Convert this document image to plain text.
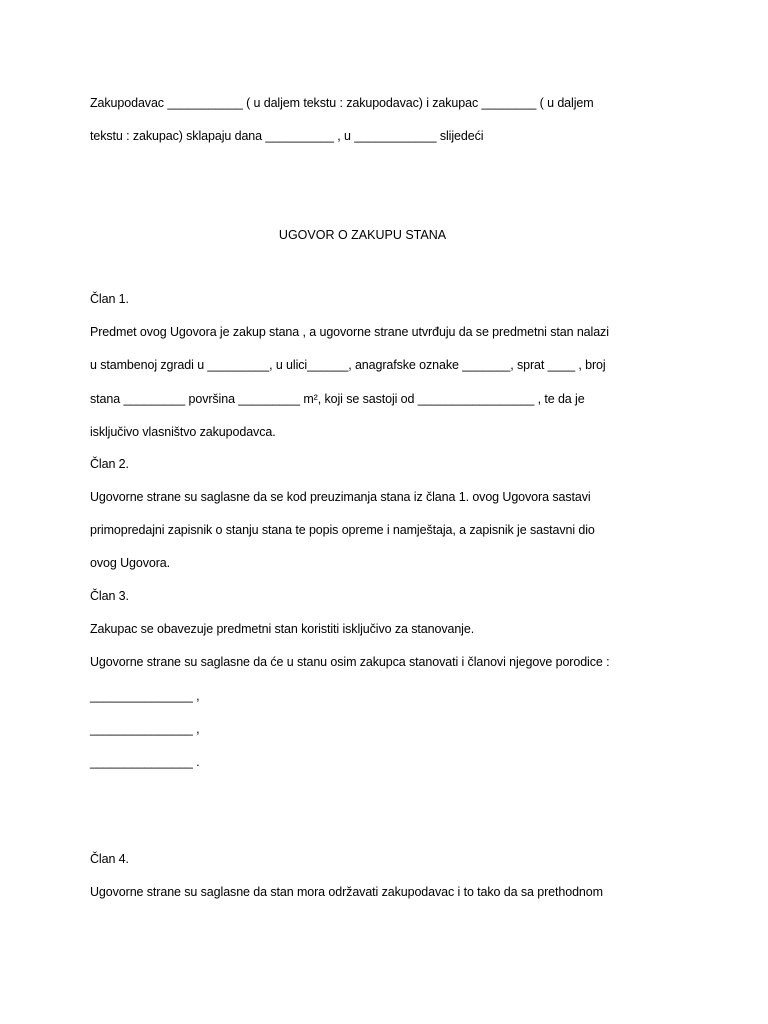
Zakupodavac ___________ ( u daljem tekstu : zakupodavac) i zakupac ________ ( u daljem
tekstu : zakupac) sklapaju dana __________ , u ____________ slijedeći
UGOVOR O ZAKUPU STANA
Član 1.
Predmet ovog Ugovora je zakup stana , a ugovorne strane utvrđuju da se predmetni stan nalazi
u stambenoj zgradi u _________, u ulici______, anagrafske oznake _______, sprat ____ , broj
stana _________ površina _________ m², koji se sastoji od _________________ , te da je
isključivo vlasništvo zakupodavca.
Član 2.
Ugovorne strane su saglasne da se kod preuzimanja stana iz člana 1. ovog Ugovora sastavi
primopredajni zapisnik o stanju stana te popis opreme i namještaja, a zapisnik je sastavni dio
ovog Ugovora.
Član 3.
Zakupac se obavezuje predmetni stan koristiti isključivo za stanovanje.
Ugovorne strane su saglasne da će u stanu osim zakupca stanovati i članovi njegove porodice :
_______________ ,
_______________ ,
_______________ .
Član 4.
Ugovorne strane su saglasne da stan mora održavati zakupodavac i to tako da sa prethodnom
